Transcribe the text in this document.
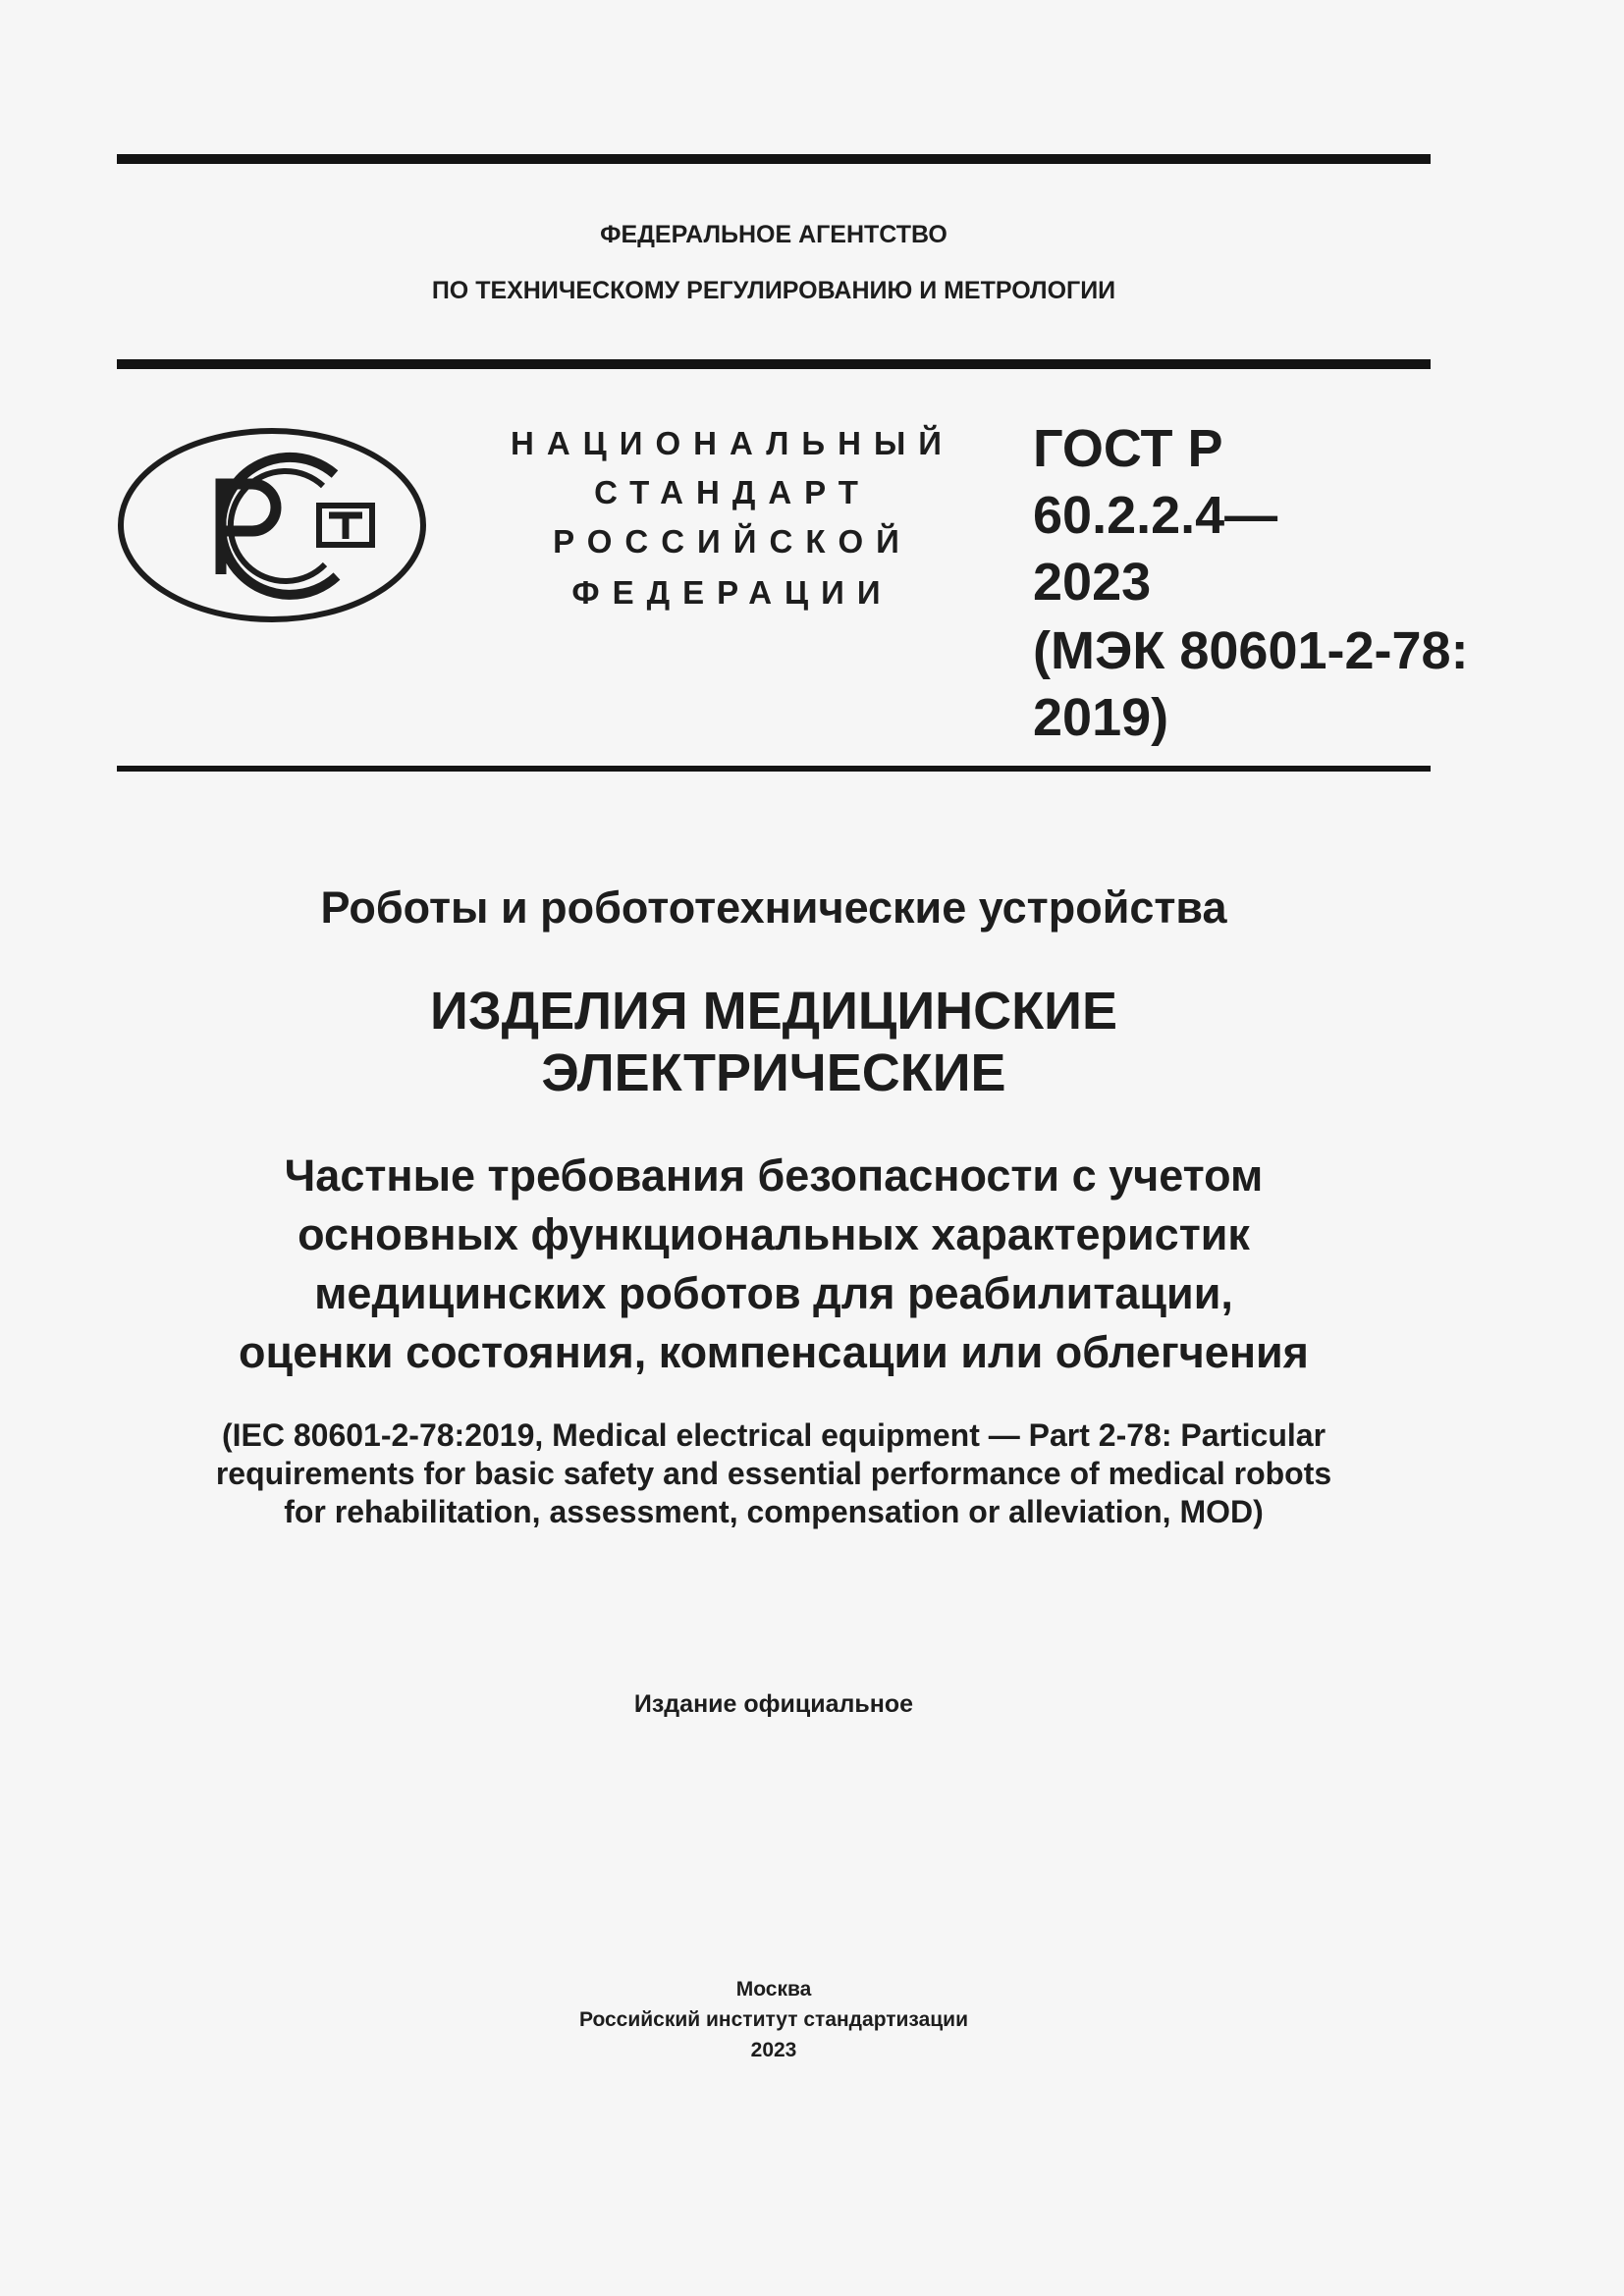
ФЕДЕРАЛЬНОЕ АГЕНТСТВО
ПО ТЕХНИЧЕСКОМУ РЕГУЛИРОВАНИЮ И МЕТРОЛОГИИ
НАЦИОНАЛЬНЫЙ
СТАНДАРТ
РОССИЙСКОЙ
ФЕДЕРАЦИИ
ГОСТ Р
60.2.2.4—
2023
(МЭК 80601-2-78:
2019)
Роботы и робототехнические устройства
ИЗДЕЛИЯ МЕДИЦИНСКИЕ
ЭЛЕКТРИЧЕСКИЕ
Частные требования безопасности с учетом
основных функциональных характеристик
медицинских роботов для реабилитации,
оценки состояния, компенсации или облегчения
(IEC 80601-2-78:2019, Medical electrical equipment — Part 2-78: Particular
requirements for basic safety and essential performance of medical robots
for rehabilitation, assessment, compensation or alleviation, MOD)
Издание официальное
Москва
Российский институт стандартизации
2023
